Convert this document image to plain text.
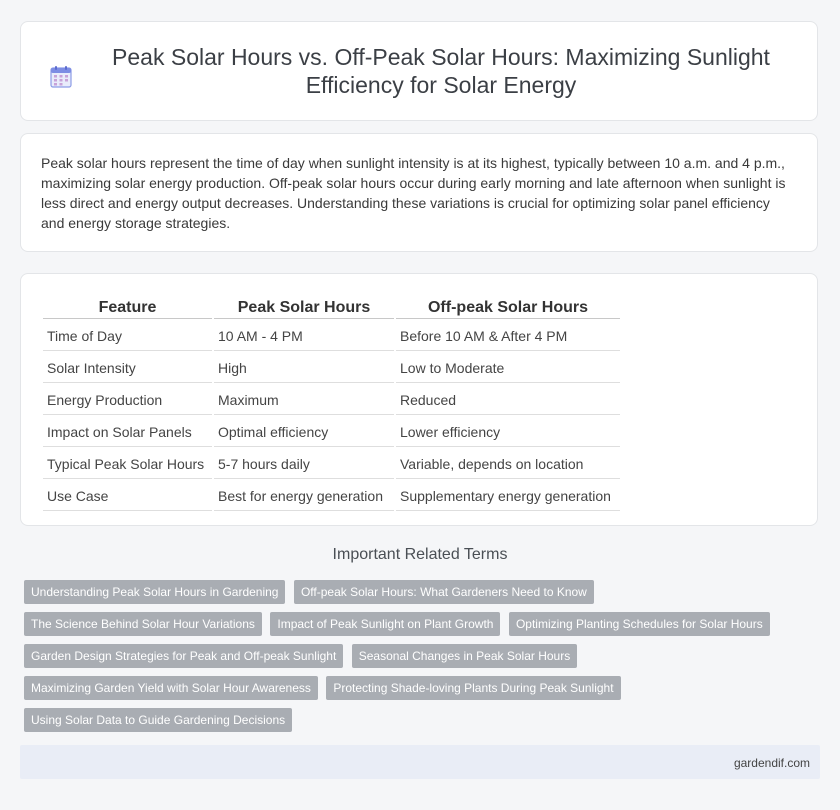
Peak Solar Hours vs. Off-Peak Solar Hours: Maximizing Sunlight Efficiency for Solar Energy

Peak solar hours represent the time of day when sunlight intensity is at its highest, typically between 10 a.m. and 4 p.m., maximizing solar energy production. Off-peak solar hours occur during early morning and late afternoon when sunlight is less direct and energy output decreases. Understanding these variations is crucial for optimizing solar panel efficiency and energy storage strategies.

Feature	Peak Solar Hours	Off-peak Solar Hours
Time of Day	10 AM - 4 PM	Before 10 AM & After 4 PM
Solar Intensity	High	Low to Moderate
Energy Production	Maximum	Reduced
Impact on Solar Panels	Optimal efficiency	Lower efficiency
Typical Peak Solar Hours	5-7 hours daily	Variable, depends on location
Use Case	Best for energy generation	Supplementary energy generation
Important Related Terms
Understanding Peak Solar Hours in Gardening Off-peak Solar Hours: What Gardeners Need to Know
The Science Behind Solar Hour Variations Impact of Peak Sunlight on Plant Growth Optimizing Planting Schedules for Solar Hours
Garden Design Strategies for Peak and Off-peak Sunlight Seasonal Changes in Peak Solar Hours
Maximizing Garden Yield with Solar Hour Awareness Protecting Shade-loving Plants During Peak Sunlight
Using Solar Data to Guide Gardening Decisions
gardendif.com
